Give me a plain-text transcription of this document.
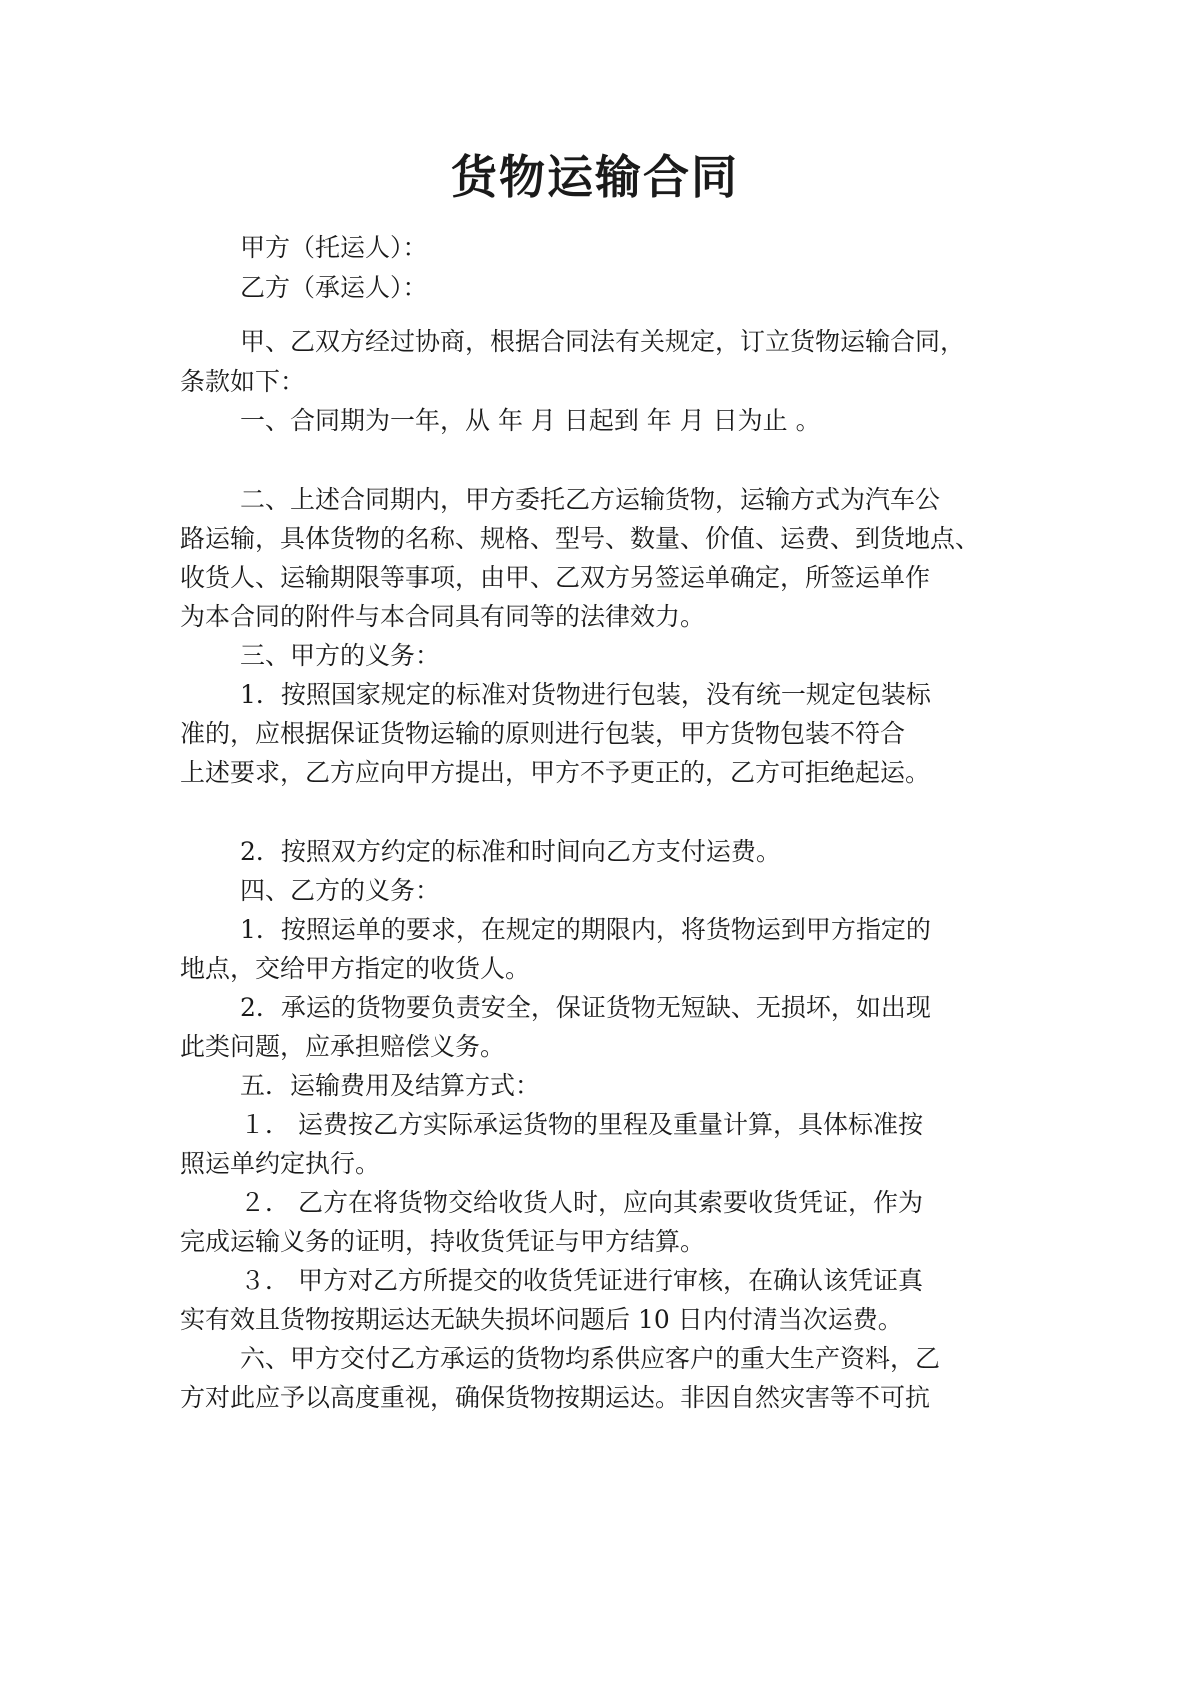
货物运输合同
甲方（托运人）：
乙方（承运人）：
甲、乙双方经过协商，根据合同法有关规定，订立货物运输合同，
条款如下：
一、合同期为一年，从 年 月 日起到 年 月 日为止 。
二、上述合同期内，甲方委托乙方运输货物，运输方式为汽车公
路运输，具体货物的名称、规格、型号、数量、价值、运费、到货地点、
收货人、运输期限等事项，由甲、乙双方另签运单确定，所签运单作
为本合同的附件与本合同具有同等的法律效力。
三、甲方的义务：
1．按照国家规定的标准对货物进行包装，没有统一规定包装标
准的，应根据保证货物运输的原则进行包装，甲方货物包装不符合
上述要求，乙方应向甲方提出，甲方不予更正的，乙方可拒绝起运。
2．按照双方约定的标准和时间向乙方支付运费。
四、乙方的义务：
1．按照运单的要求，在规定的期限内，将货物运到甲方指定的
地点，交给甲方指定的收货人。
2．承运的货物要负责安全，保证货物无短缺、无损坏，如出现
此类问题，应承担赔偿义务。
五．运输费用及结算方式：
１． 运费按乙方实际承运货物的里程及重量计算，具体标准按
照运单约定执行。
２． 乙方在将货物交给收货人时，应向其索要收货凭证，作为
完成运输义务的证明，持收货凭证与甲方结算。
３． 甲方对乙方所提交的收货凭证进行审核，在确认该凭证真
实有效且货物按期运达无缺失损坏问题后 10 日内付清当次运费。
六、甲方交付乙方承运的货物均系供应客户的重大生产资料，乙
方对此应予以高度重视，确保货物按期运达。非因自然灾害等不可抗
